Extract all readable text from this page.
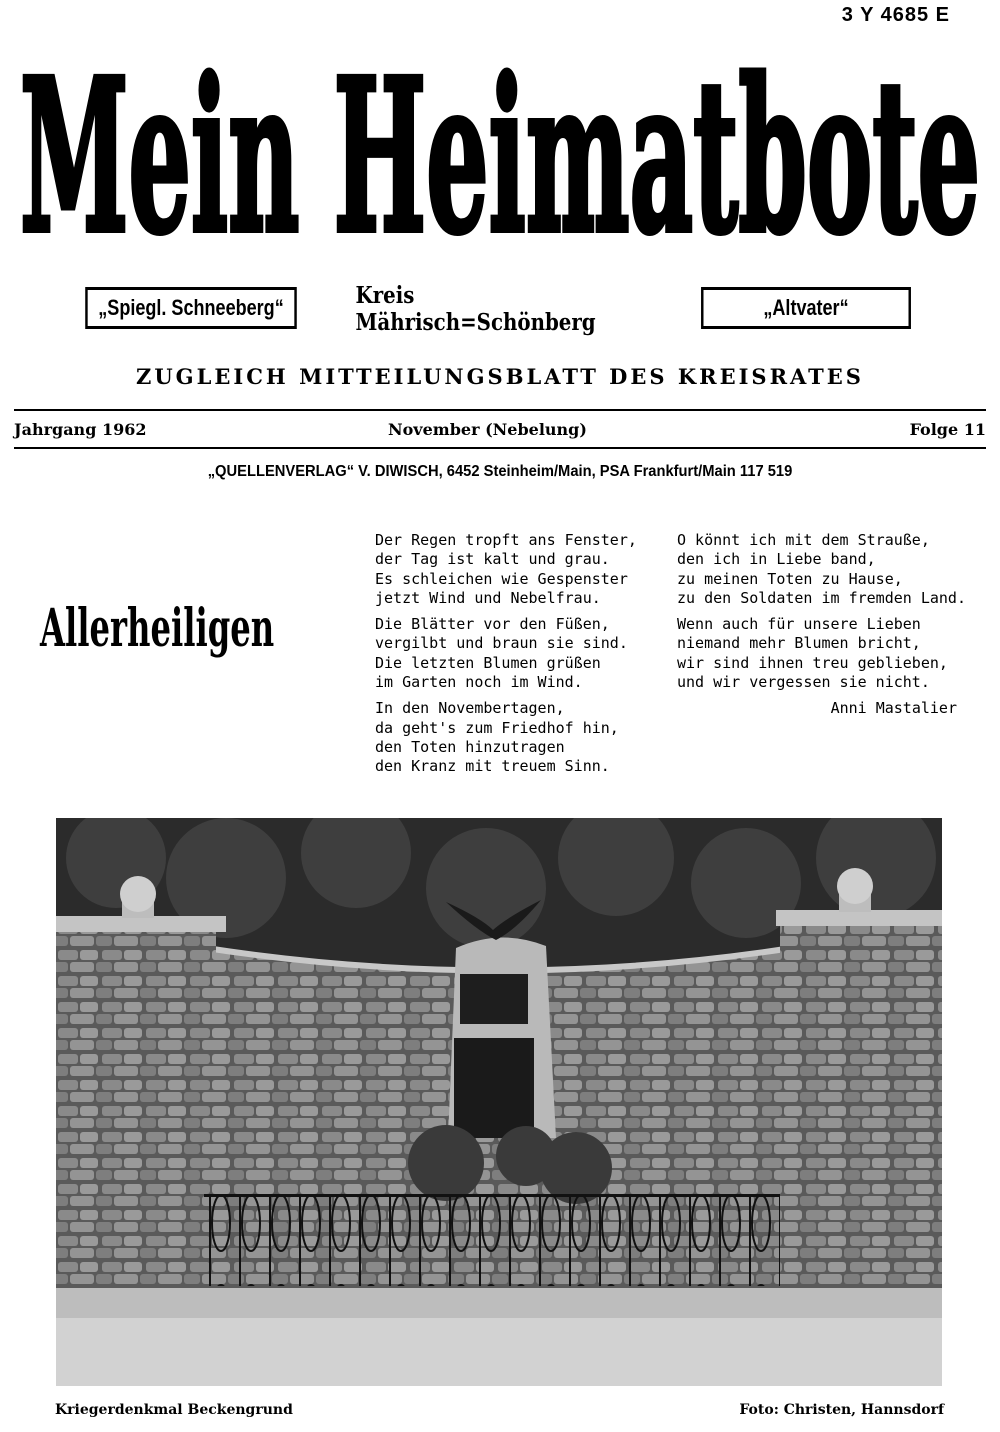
3 Y 4685 E
Mein Heimatbote
„Spiegl. Schneeberg“	Kreis Mährisch=Schönberg
„Altvater“
ZUGLEICH MITTEILUNGSBLATT DES KREISRATES
Jahrgang 1962	November (Nebelung)	Folge 11
„QUELLENVERLAG“ V. DIWISCH, 6452 Steinheim/Main, PSA Frankfurt/Main 117 519
Allerheiligen
Der Regen tropft ans Fenster,
der Tag ist kalt und grau.
Es schleichen wie Gespenster
jetzt Wind und Nebelfrau.
Die Blätter vor den Füßen,
vergilbt und braun sie sind.
Die letzten Blumen grüßen
im Garten noch im Wind.
In den Novembertagen,
da geht's zum Friedhof hin,
den Toten hinzutragen
den Kranz mit treuem Sinn.
O könnt ich mit dem Strauße,
den ich in Liebe band,
zu meinen Toten zu Hause,
zu den Soldaten im fremden Land.
Wenn auch für unsere Lieben
niemand mehr Blumen bricht,
wir sind ihnen treu geblieben,
und wir vergessen sie nicht.
Anni Mastalier
Kriegerdenkmal Beckengrund	Foto: Christen, Hannsdorf
